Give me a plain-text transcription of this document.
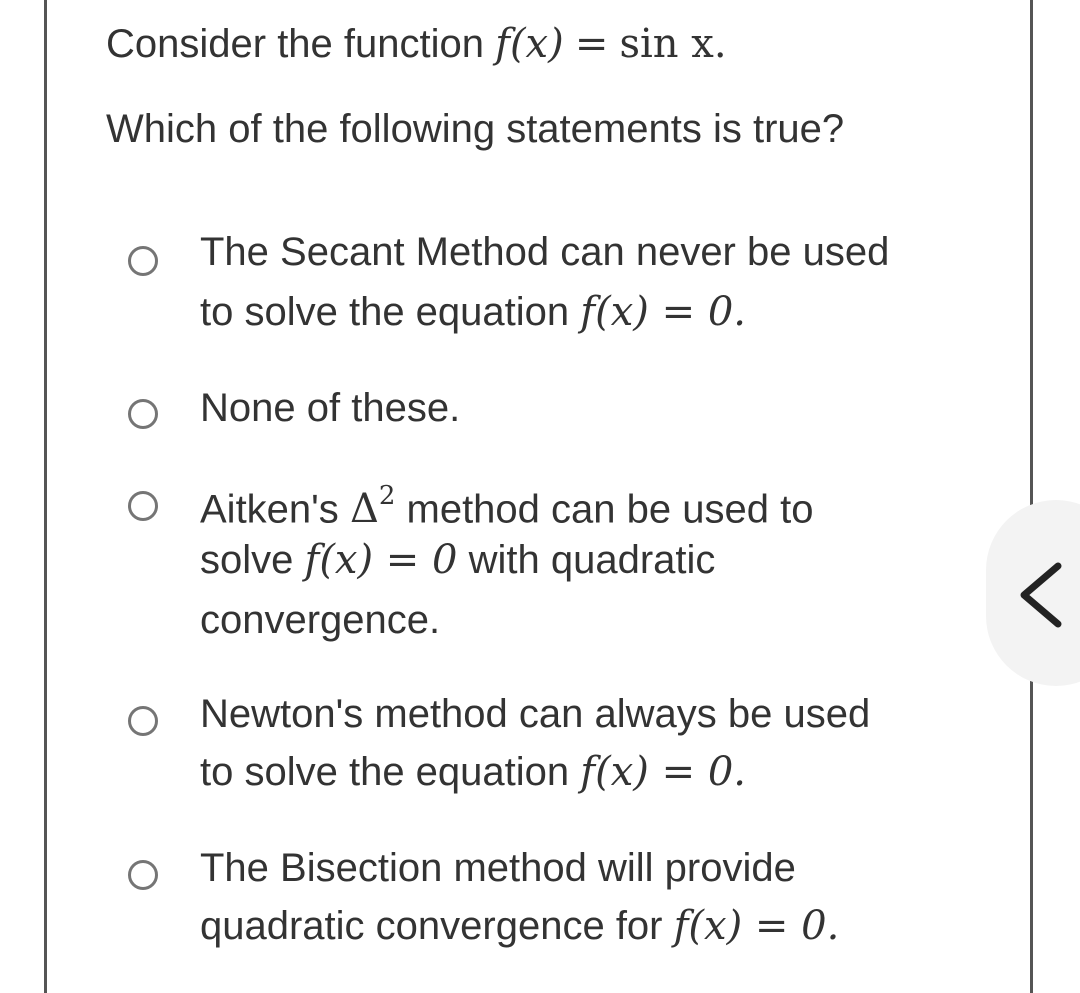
Consider the function f(x) = sin x.
Which of the following statements is true?
The Secant Method can never be used
to solve the equation f(x) = 0.
None of these.
Aitken's $\Delta^2$ method can be used to
solve f(x) = 0 with quadratic
convergence.
Newton's method can always be used
to solve the equation f(x) = 0.
The Bisection method will provide
quadratic convergence for f(x) = 0.
